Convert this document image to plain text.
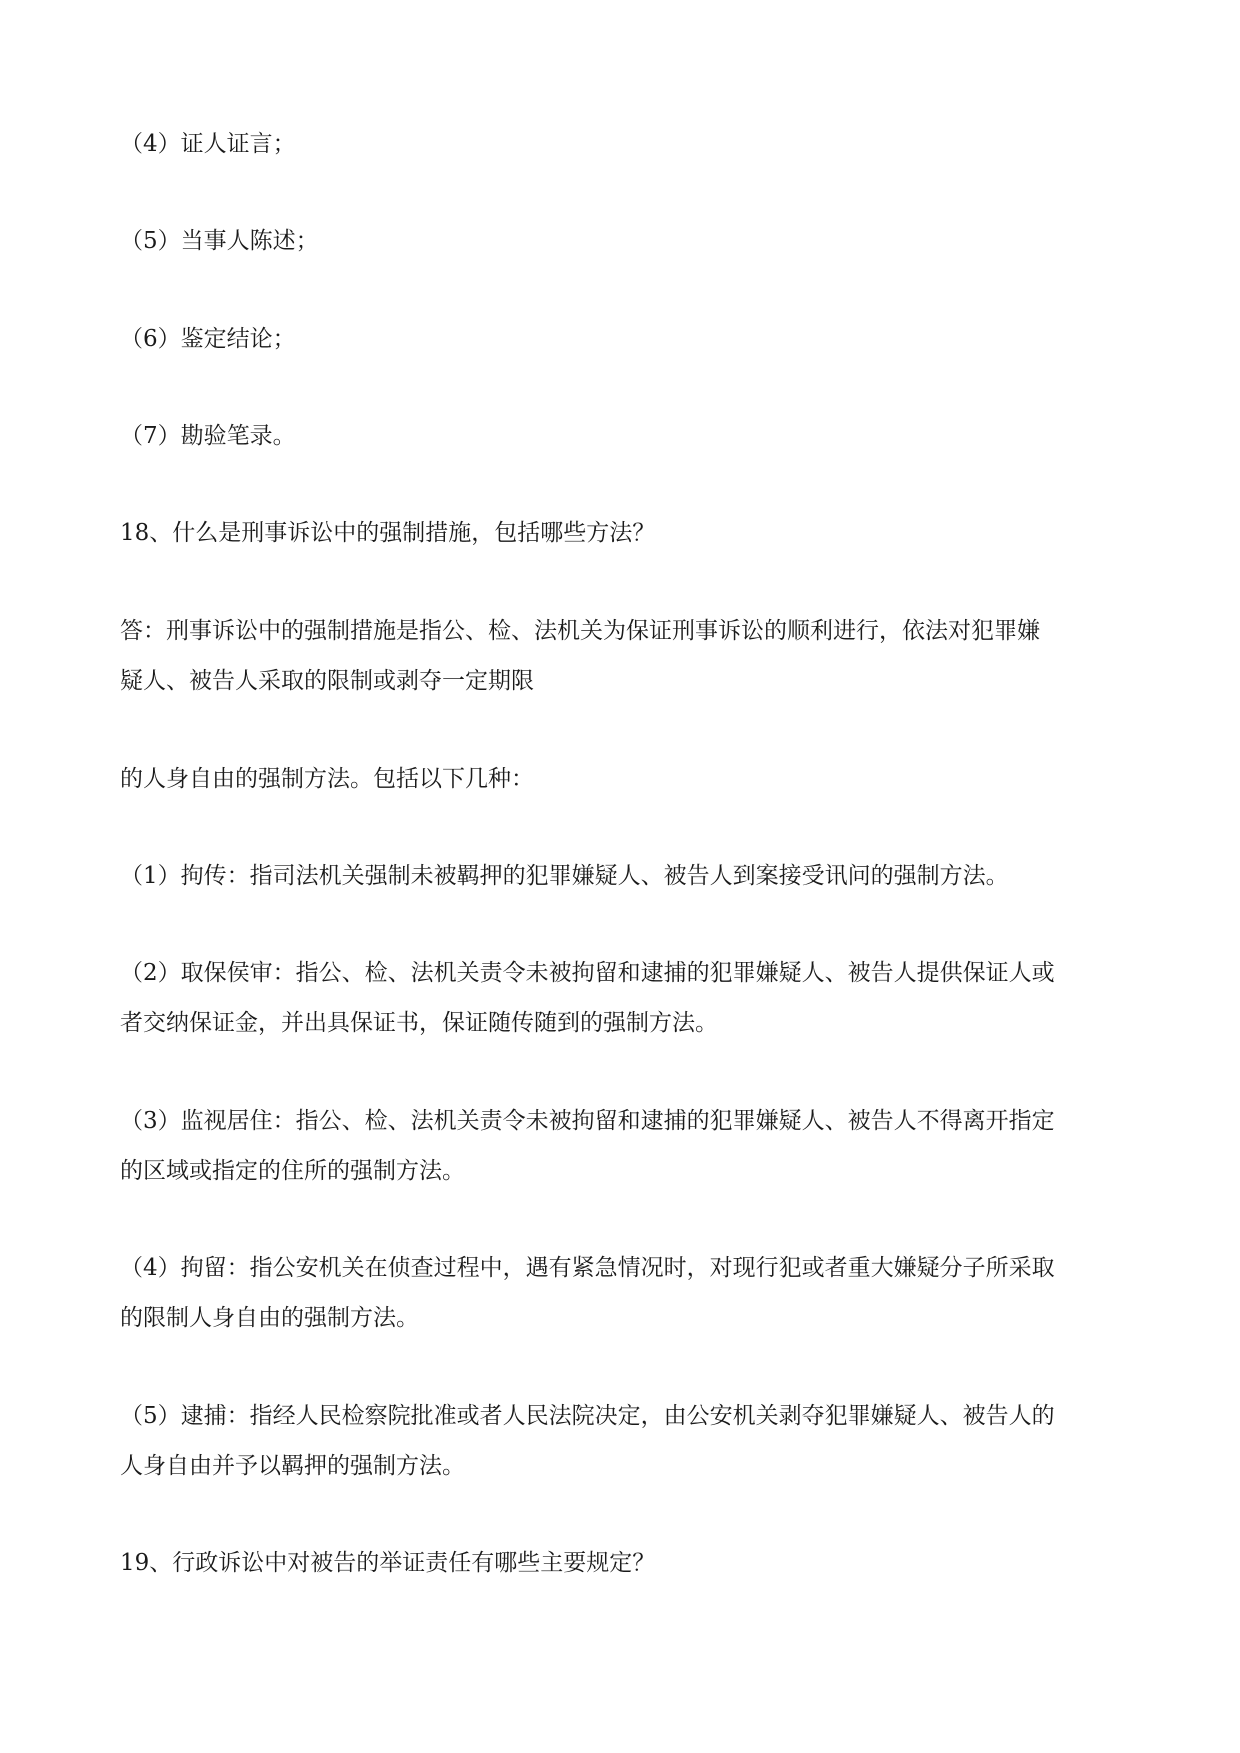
（4）证人证言；

（5）当事人陈述；

（6）鉴定结论；

（7）勘验笔录。

18、什么是刑事诉讼中的强制措施，包括哪些方法？

答：刑事诉讼中的强制措施是指公、检、法机关为保证刑事诉讼的顺利进行，依法对犯罪嫌

疑人、被告人采取的限制或剥夺一定期限

的人身自由的强制方法。包括以下几种：

（1）拘传：指司法机关强制未被羁押的犯罪嫌疑人、被告人到案接受讯问的强制方法。

（2）取保侯审：指公、检、法机关责令未被拘留和逮捕的犯罪嫌疑人、被告人提供保证人或

者交纳保证金，并出具保证书，保证随传随到的强制方法。

（3）监视居住：指公、检、法机关责令未被拘留和逮捕的犯罪嫌疑人、被告人不得离开指定

的区域或指定的住所的强制方法。

（4）拘留：指公安机关在侦查过程中，遇有紧急情况时，对现行犯或者重大嫌疑分子所采取

的限制人身自由的强制方法。

（5）逮捕：指经人民检察院批准或者人民法院决定，由公安机关剥夺犯罪嫌疑人、被告人的

人身自由并予以羁押的强制方法。

19、行政诉讼中对被告的举证责任有哪些主要规定？
